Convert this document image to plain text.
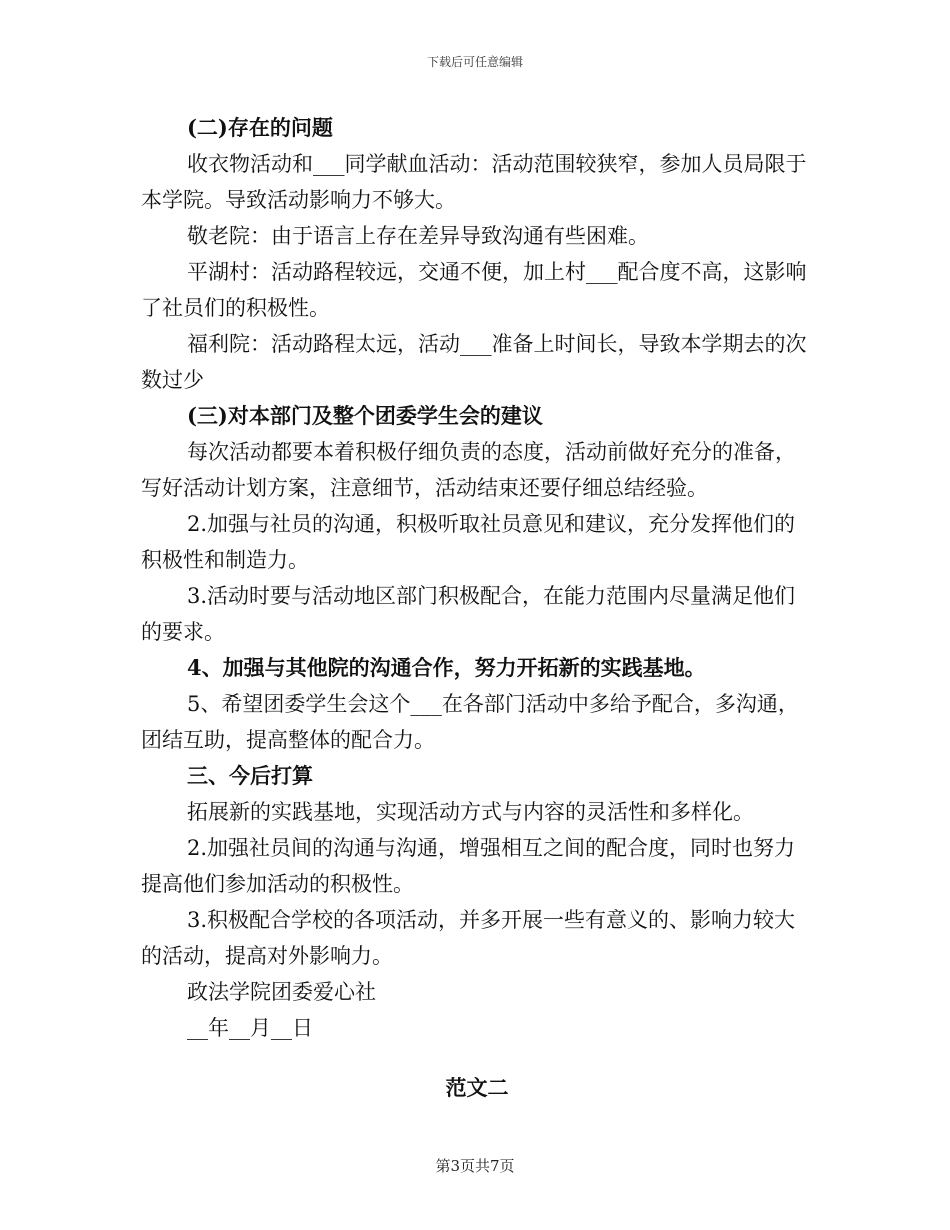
下载后可任意编辑

(二)存在的问题

收衣物活动和___同学献血活动：活动范围较狭窄，参加人员局限于本学院。导致活动影响力不够大。

敬老院：由于语言上存在差异导致沟通有些困难。

平湖村：活动路程较远，交通不便，加上村___配合度不高，这影响了社员们的积极性。

福利院：活动路程太远，活动___准备上时间长，导致本学期去的次数过少

(三)对本部门及整个团委学生会的建议

每次活动都要本着积极仔细负责的态度，活动前做好充分的准备，写好活动计划方案，注意细节，活动结束还要仔细总结经验。

2.加强与社员的沟通，积极听取社员意见和建议，充分发挥他们的积极性和制造力。

3.活动时要与活动地区部门积极配合，在能力范围内尽量满足他们的要求。

4、加强与其他院的沟通合作，努力开拓新的实践基地。

5、希望团委学生会这个___在各部门活动中多给予配合，多沟通，团结互助，提高整体的配合力。

三、今后打算

拓展新的实践基地，实现活动方式与内容的灵活性和多样化。

2.加强社员间的沟通与沟通，增强相互之间的配合度，同时也努力提高他们参加活动的积极性。

3.积极配合学校的各项活动，并多开展一些有意义的、影响力较大的活动，提高对外影响力。

政法学院团委爱心社

__年__月__日

范文二

第3页共7页
